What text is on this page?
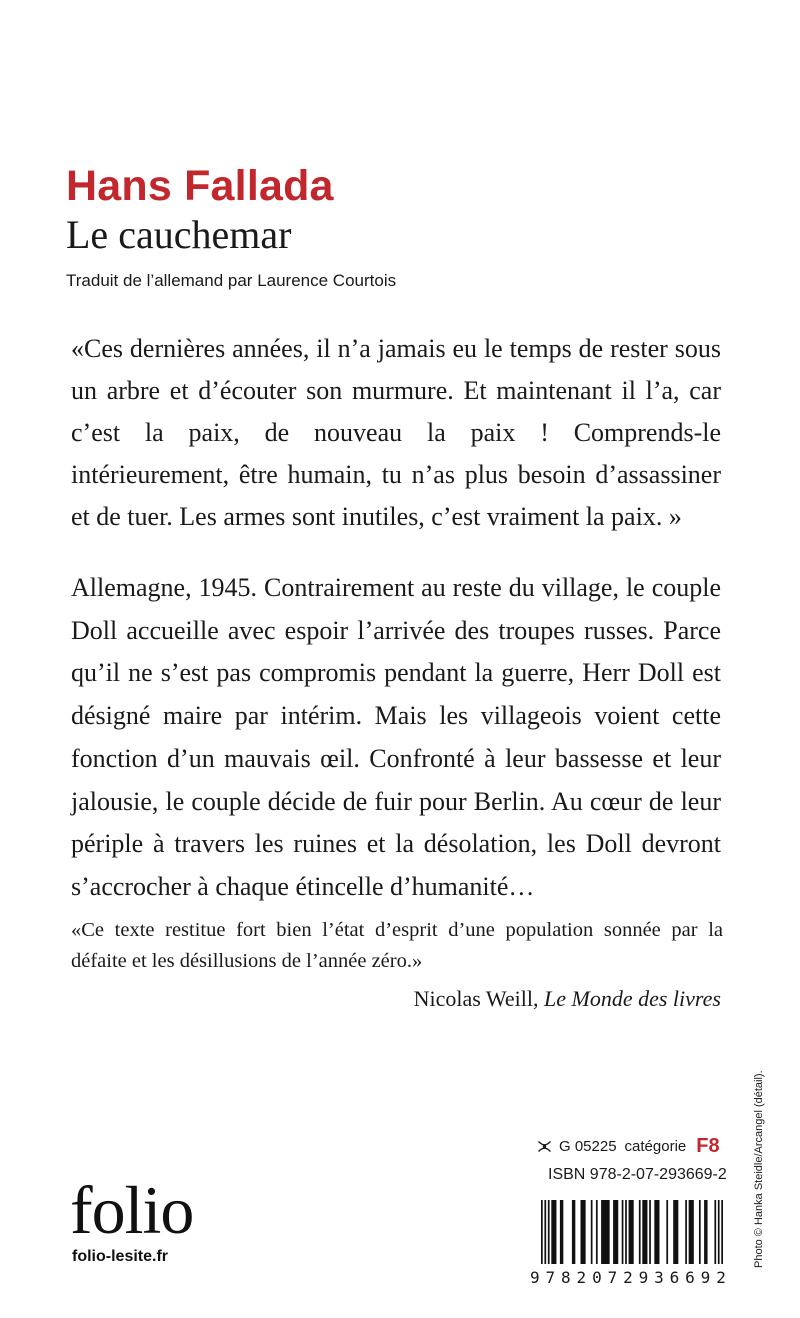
Hans Fallada
Le cauchemar
Traduit de l’allemand par Laurence Courtois

«Ces dernières années, il n’a jamais eu le temps de rester sous un arbre et d’écouter son murmure. Et maintenant il l’a, car c’est la paix, de nouveau la paix ! Comprends-le intérieurement, être humain, tu n’as plus besoin d’assassiner et de tuer. Les armes sont inutiles, c’est vraiment la paix. »

Allemagne, 1945. Contrairement au reste du village, le couple Doll accueille avec espoir l’arrivée des troupes russes. Parce qu’il ne s’est pas compromis pendant la guerre, Herr Doll est désigné maire par intérim. Mais les villageois voient cette fonction d’un mauvais œil. Confronté à leur bassesse et leur jalousie, le couple décide de fuir pour Berlin. Au cœur de leur périple à travers les ruines et la désolation, les Doll devront s’accrocher à chaque étincelle d’humanité…

«Ce texte restitue fort bien l’état d’esprit d’une population sonnée par la défaite et les désillusions de l’année zéro.»

Nicolas Weill, Le Monde des livres
Photo © Hanka Steidle/Arcangel (détail).
G 05225 catégorie F8
ISBN 978-2-07-293669-2
9 7 8 2 0 7 2 9 3 6 6 9 2
folio
folio-lesite.fr
